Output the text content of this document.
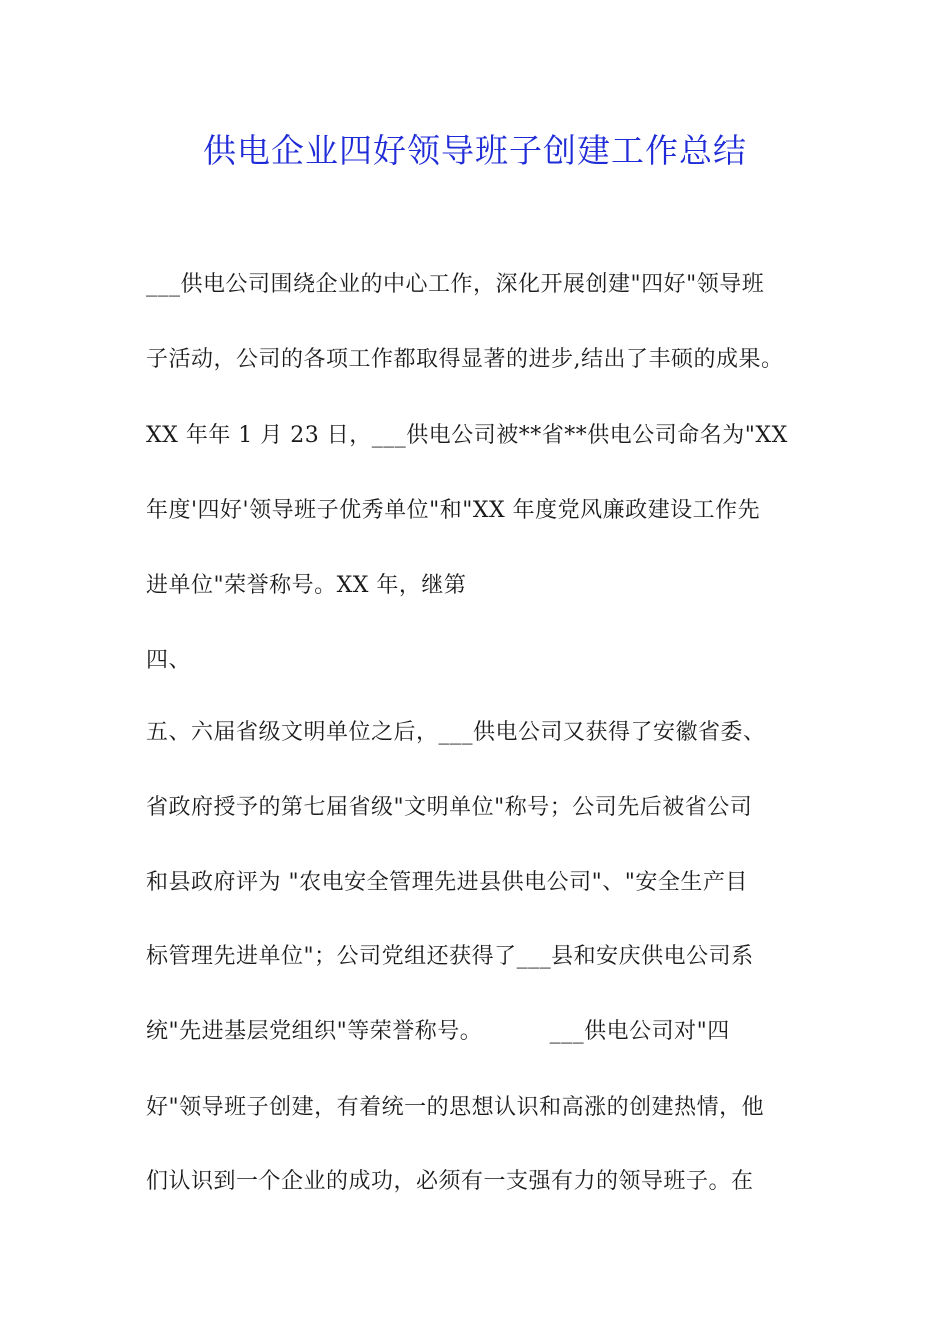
供电企业四好领导班子创建工作总结

___供电公司围绕企业的中心工作，深化开展创建"四好"领导班

子活动，公司的各项工作都取得显著的进步,结出了丰硕的成果。

XX 年年 1 月 23 日，___供电公司被**省**供电公司命名为"XX

年度'四好'领导班子优秀单位"和"XX 年度党风廉政建设工作先

进单位"荣誉称号。XX 年，继第

四、

五、六届省级文明单位之后，___供电公司又获得了安徽省委、

省政府授予的第七届省级"文明单位"称号；公司先后被省公司

和县政府评为 "农电安全管理先进县供电公司"、"安全生产目

标管理先进单位"；公司党组还获得了___县和安庆供电公司系

统"先进基层党组织"等荣誉称号。         ___供电公司对"四

好"领导班子创建，有着统一的思想认识和高涨的创建热情，他

们认识到一个企业的成功，必须有一支强有力的领导班子。在
